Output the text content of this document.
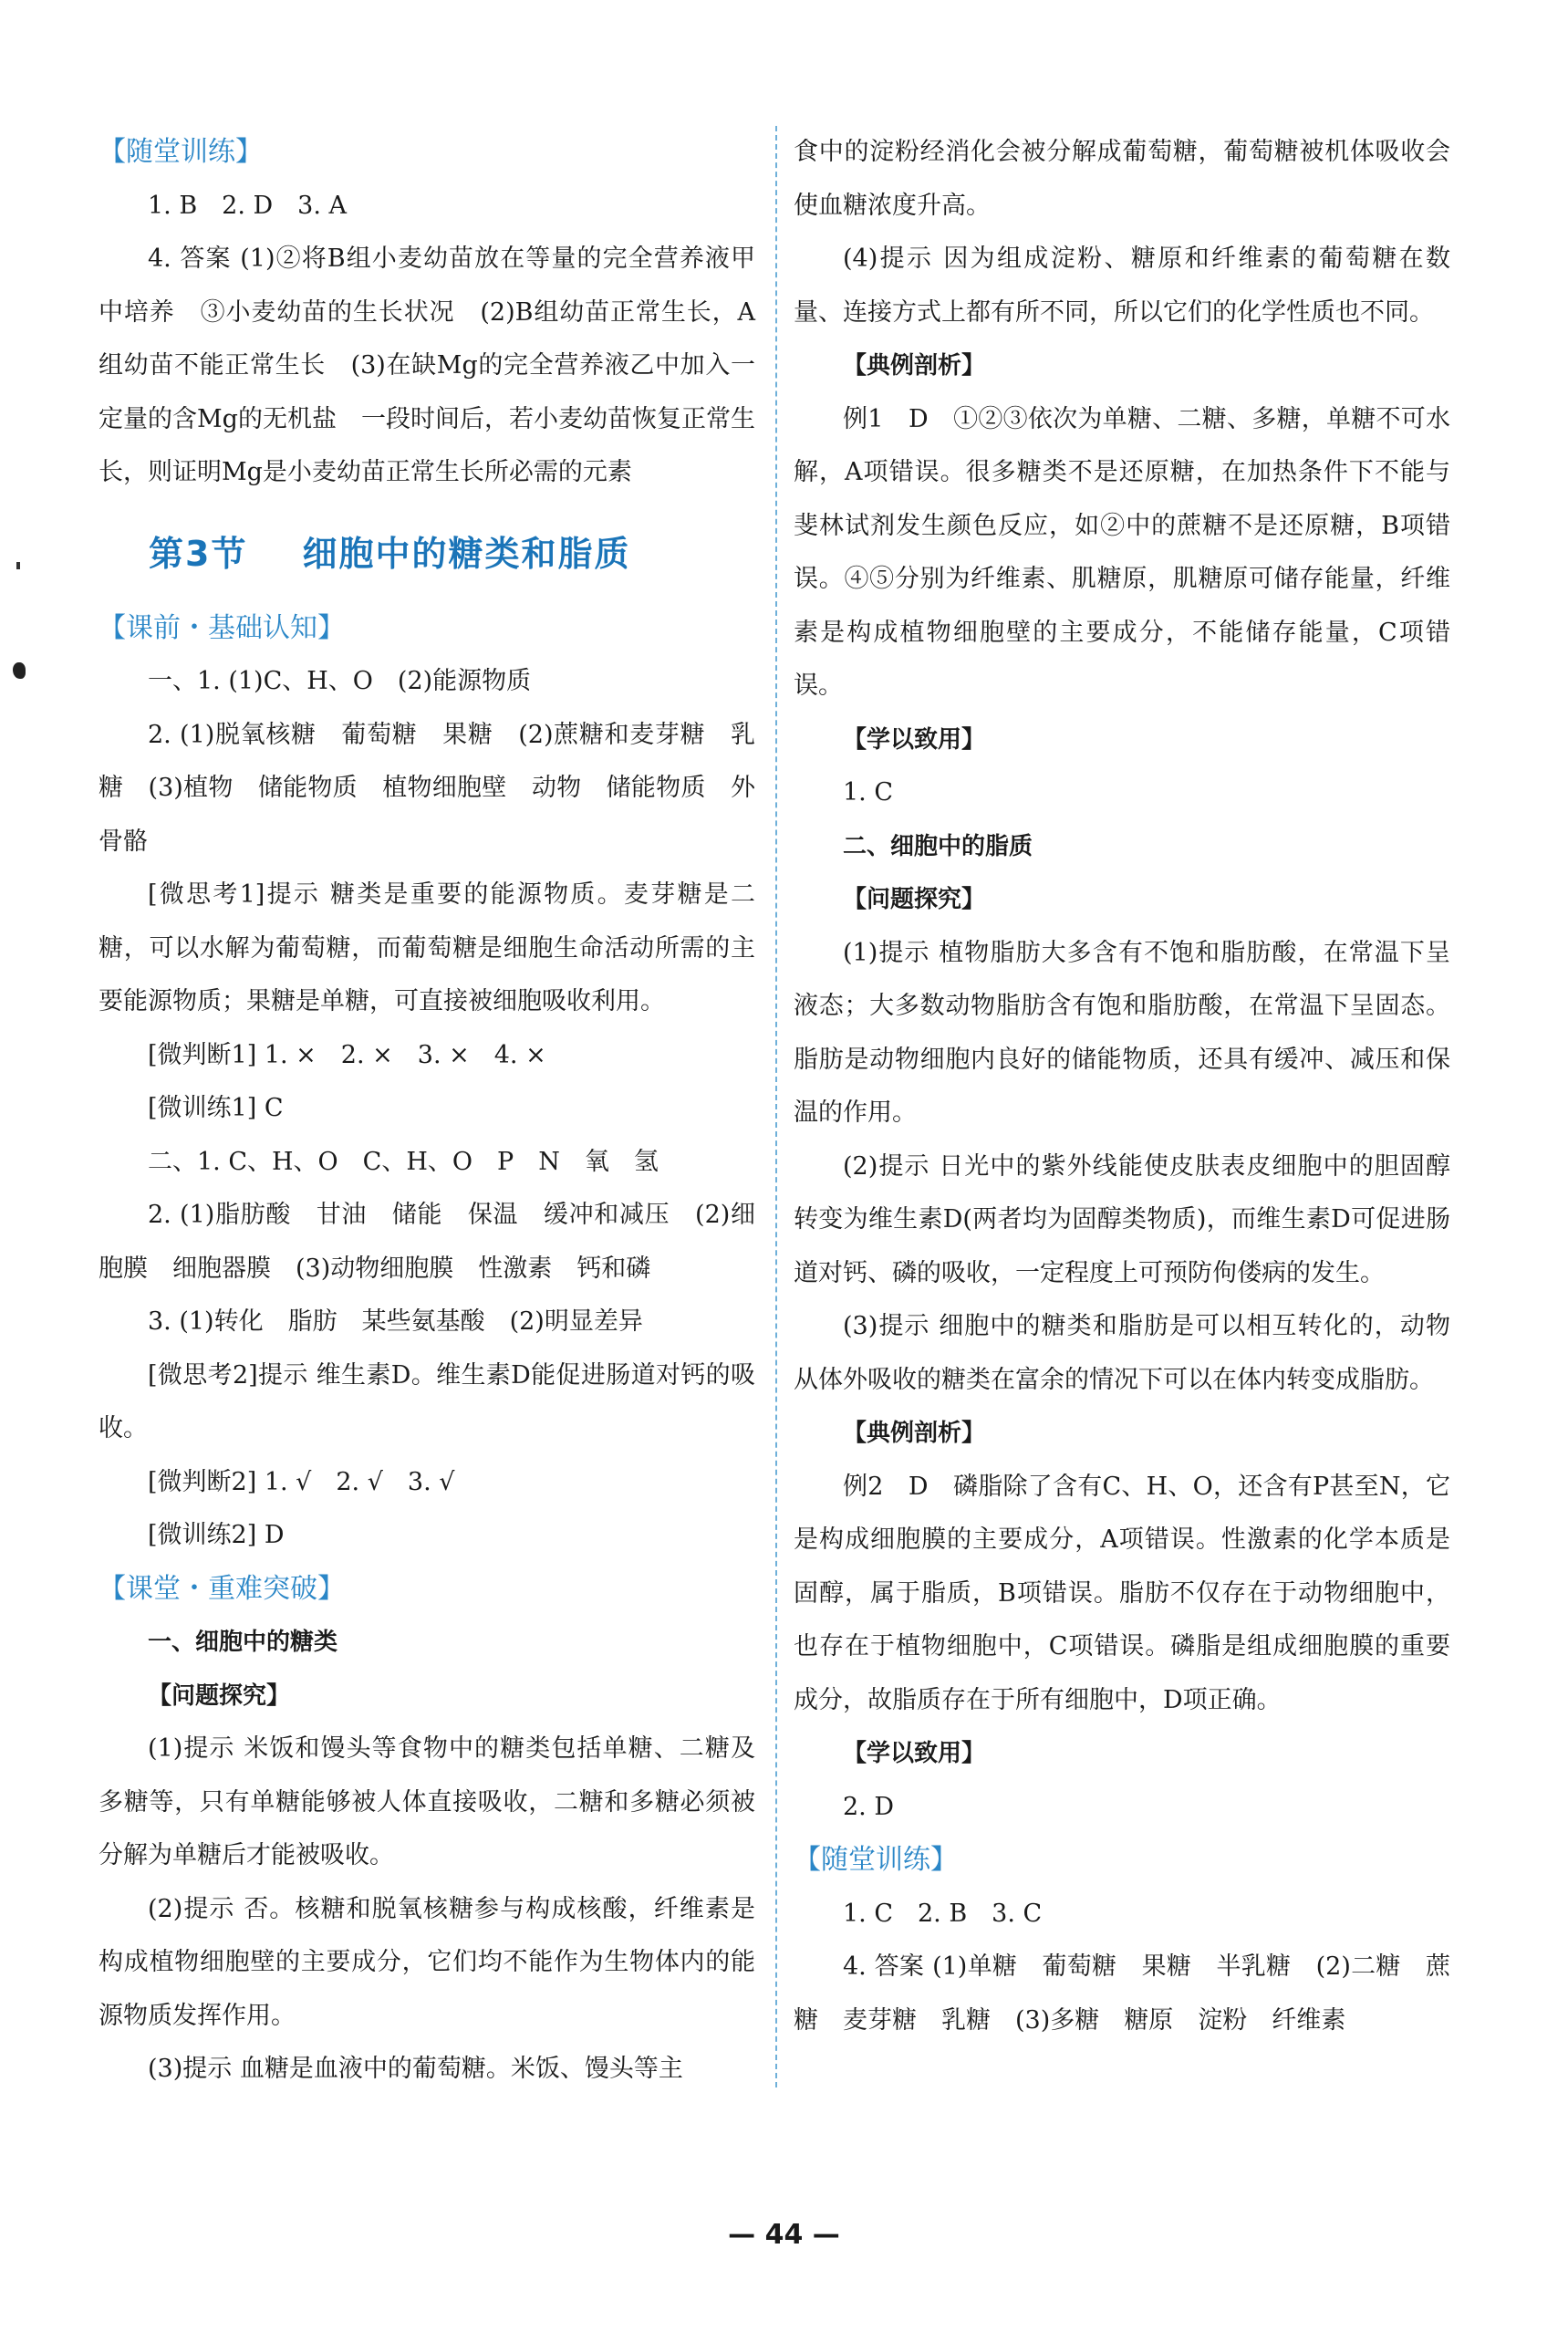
【随堂训练】

1. B　2. D　3. A

4. 答案 (1)②将B组小麦幼苗放在等量的完全营养液甲中培养　③小麦幼苗的生长状况　(2)B组幼苗正常生长，A组幼苗不能正常生长　(3)在缺Mg的完全营养液乙中加入一定量的含Mg的无机盐　一段时间后，若小麦幼苗恢复正常生长，则证明Mg是小麦幼苗正常生长所必需的元素

第3节 细胞中的糖类和脂质

【课前・基础认知】

一、1. (1)C、H、O　(2)能源物质

2. (1)脱氧核糖　葡萄糖　果糖　(2)蔗糖和麦芽糖　乳糖　(3)植物　储能物质　植物细胞壁　动物　储能物质　外骨骼

[微思考1]提示 糖类是重要的能源物质。麦芽糖是二糖，可以水解为葡萄糖，而葡萄糖是细胞生命活动所需的主要能源物质；果糖是单糖，可直接被细胞吸收利用。

[微判断1] 1. ×　2. ×　3. ×　4. ×

[微训练1] C

二、1. C、H、O　C、H、O　P　N　氧　氢

2. (1)脂肪酸　甘油　储能　保温　缓冲和减压　(2)细胞膜　细胞器膜　(3)动物细胞膜　性激素　钙和磷

3. (1)转化　脂肪　某些氨基酸　(2)明显差异

[微思考2]提示 维生素D。维生素D能促进肠道对钙的吸收。

[微判断2] 1. √　2. √　3. √

[微训练2] D

【课堂・重难突破】

一、细胞中的糖类

【问题探究】

(1)提示 米饭和馒头等食物中的糖类包括单糖、二糖及多糖等，只有单糖能够被人体直接吸收，二糖和多糖必须被分解为单糖后才能被吸收。

(2)提示 否。核糖和脱氧核糖参与构成核酸，纤维素是构成植物细胞壁的主要成分，它们均不能作为生物体内的能源物质发挥作用。

(3)提示 血糖是血液中的葡萄糖。米饭、馒头等主

食中的淀粉经消化会被分解成葡萄糖，葡萄糖被机体吸收会使血糖浓度升高。

(4)提示 因为组成淀粉、糖原和纤维素的葡萄糖在数量、连接方式上都有所不同，所以它们的化学性质也不同。

【典例剖析】

例1　D　①②③依次为单糖、二糖、多糖，单糖不可水解，A项错误。很多糖类不是还原糖，在加热条件下不能与斐林试剂发生颜色反应，如②中的蔗糖不是还原糖，B项错误。④⑤分别为纤维素、肌糖原，肌糖原可储存能量，纤维素是构成植物细胞壁的主要成分，不能储存能量，C项错误。

【学以致用】

1. C

二、细胞中的脂质

【问题探究】

(1)提示 植物脂肪大多含有不饱和脂肪酸，在常温下呈液态；大多数动物脂肪含有饱和脂肪酸，在常温下呈固态。脂肪是动物细胞内良好的储能物质，还具有缓冲、减压和保温的作用。

(2)提示 日光中的紫外线能使皮肤表皮细胞中的胆固醇转变为维生素D(两者均为固醇类物质)，而维生素D可促进肠道对钙、磷的吸收，一定程度上可预防佝偻病的发生。

(3)提示 细胞中的糖类和脂肪是可以相互转化的，动物从体外吸收的糖类在富余的情况下可以在体内转变成脂肪。

【典例剖析】

例2　D　磷脂除了含有C、H、O，还含有P甚至N，它是构成细胞膜的主要成分，A项错误。性激素的化学本质是固醇，属于脂质，B项错误。脂肪不仅存在于动物细胞中，也存在于植物细胞中，C项错误。磷脂是组成细胞膜的重要成分，故脂质存在于所有细胞中，D项正确。

【学以致用】

2. D

【随堂训练】

1. C　2. B　3. C

4. 答案 (1)单糖　葡萄糖　果糖　半乳糖　(2)二糖　蔗糖　麦芽糖　乳糖　(3)多糖　糖原　淀粉　纤维素

— 44 —
